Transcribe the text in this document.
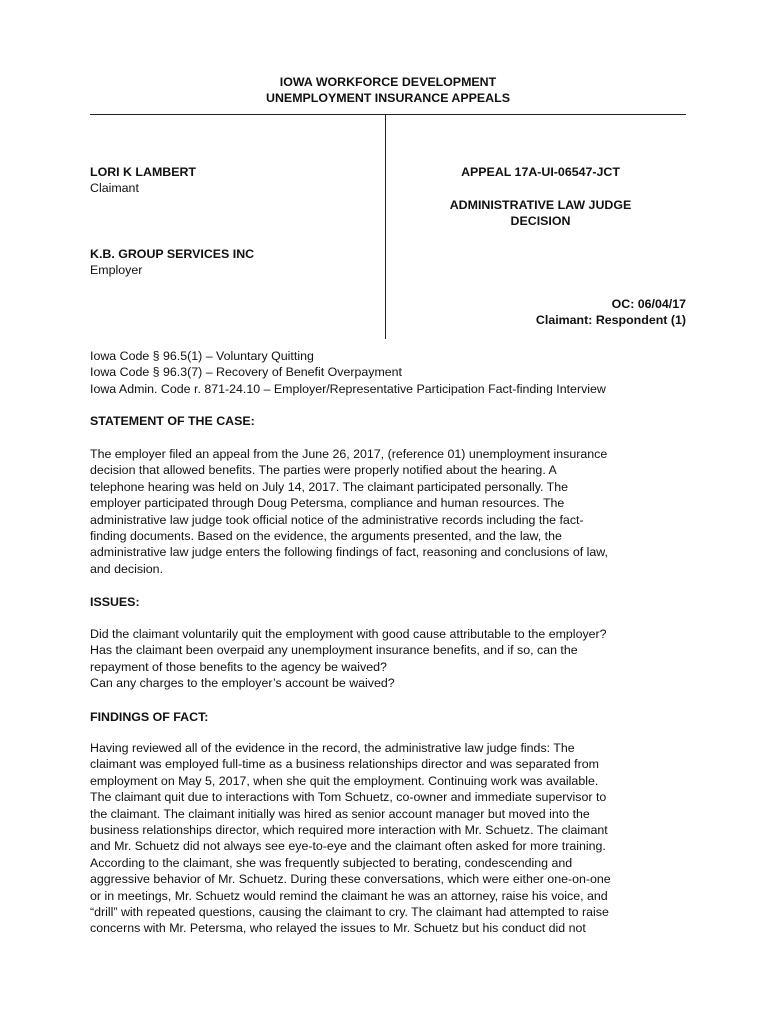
IOWA WORKFORCE DEVELOPMENT
UNEMPLOYMENT INSURANCE APPEALS
LORI K LAMBERT
Claimant
K.B. GROUP SERVICES INC
Employer
APPEAL 17A-UI-06547-JCT
ADMINISTRATIVE LAW JUDGE
DECISION
OC: 06/04/17
Claimant: Respondent (1)
Iowa Code § 96.5(1) – Voluntary Quitting
Iowa Code § 96.3(7) – Recovery of Benefit Overpayment
Iowa Admin. Code r. 871-24.10 – Employer/Representative Participation Fact-finding Interview
STATEMENT OF THE CASE:
The employer filed an appeal from the June 26, 2017, (reference 01) unemployment insurance
decision that allowed benefits. The parties were properly notified about the hearing. A
telephone hearing was held on July 14, 2017. The claimant participated personally. The
employer participated through Doug Petersma, compliance and human resources. The
administrative law judge took official notice of the administrative records including the fact-
finding documents. Based on the evidence, the arguments presented, and the law, the
administrative law judge enters the following findings of fact, reasoning and conclusions of law,
and decision.
ISSUES:
Did the claimant voluntarily quit the employment with good cause attributable to the employer?
Has the claimant been overpaid any unemployment insurance benefits, and if so, can the
repayment of those benefits to the agency be waived?
Can any charges to the employer’s account be waived?
FINDINGS OF FACT:
Having reviewed all of the evidence in the record, the administrative law judge finds: The
claimant was employed full-time as a business relationships director and was separated from
employment on May 5, 2017, when she quit the employment. Continuing work was available.
The claimant quit due to interactions with Tom Schuetz, co-owner and immediate supervisor to
the claimant. The claimant initially was hired as senior account manager but moved into the
business relationships director, which required more interaction with Mr. Schuetz. The claimant
and Mr. Schuetz did not always see eye-to-eye and the claimant often asked for more training.
According to the claimant, she was frequently subjected to berating, condescending and
aggressive behavior of Mr. Schuetz. During these conversations, which were either one-on-one
or in meetings, Mr. Schuetz would remind the claimant he was an attorney, raise his voice, and
“drill” with repeated questions, causing the claimant to cry. The claimant had attempted to raise
concerns with Mr. Petersma, who relayed the issues to Mr. Schuetz but his conduct did not
